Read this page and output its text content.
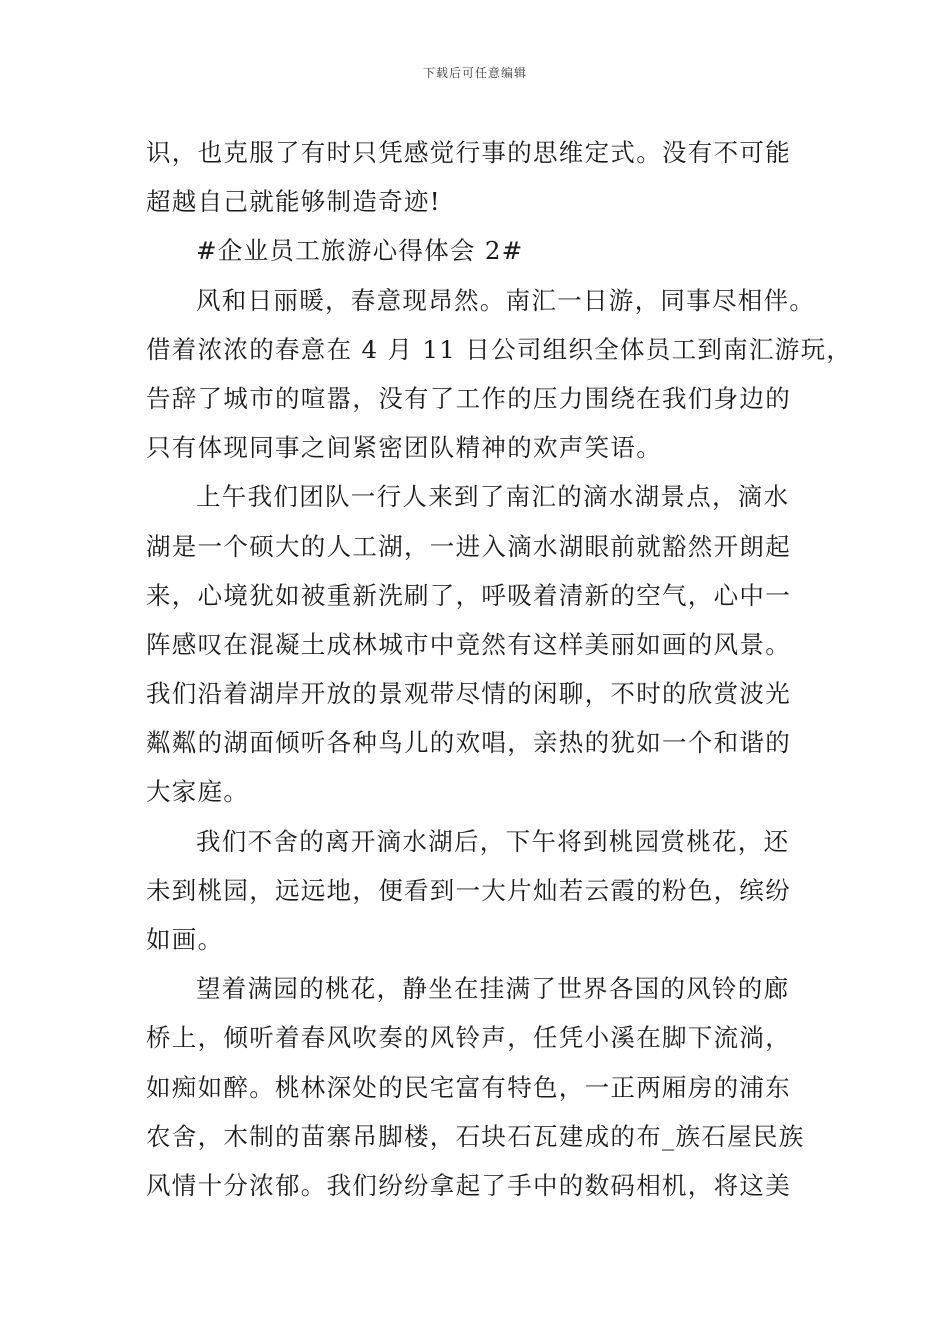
下载后可任意编辑
识，也克服了有时只凭感觉行事的思维定式。没有不可能
超越自己就能够制造奇迹!
#企业员工旅游心得体会 2#
风和日丽暖，春意现昂然。南汇一日游，同事尽相伴。
借着浓浓的春意在 4 月 11 日公司组织全体员工到南汇游玩，
告辞了城市的喧嚣，没有了工作的压力围绕在我们身边的
只有体现同事之间紧密团队精神的欢声笑语。
上午我们团队一行人来到了南汇的滴水湖景点，滴水
湖是一个硕大的人工湖，一进入滴水湖眼前就豁然开朗起
来，心境犹如被重新洗刷了，呼吸着清新的空气，心中一
阵感叹在混凝土成林城市中竟然有这样美丽如画的风景。
我们沿着湖岸开放的景观带尽情的闲聊，不时的欣赏波光
粼粼的湖面倾听各种鸟儿的欢唱，亲热的犹如一个和谐的
大家庭。
我们不舍的离开滴水湖后，下午将到桃园赏桃花，还
未到桃园，远远地，便看到一大片灿若云霞的粉色，缤纷
如画。
望着满园的桃花，静坐在挂满了世界各国的风铃的廊
桥上，倾听着春风吹奏的风铃声，任凭小溪在脚下流淌，
如痴如醉。桃林深处的民宅富有特色，一正两厢房的浦东
农舍，木制的苗寨吊脚楼，石块石瓦建成的布_族石屋民族
风情十分浓郁。我们纷纷拿起了手中的数码相机，将这美
